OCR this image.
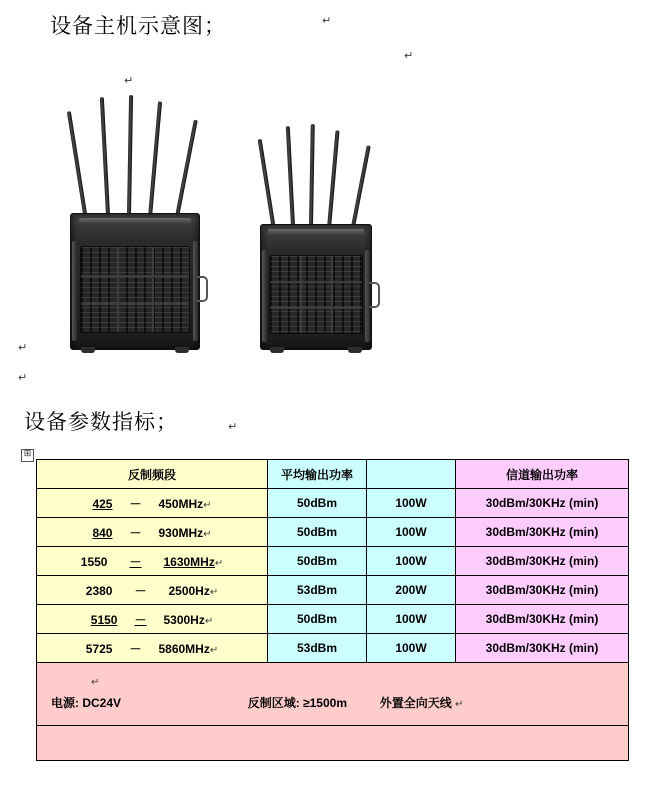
设备主机示意图；
设备参数指标；
↵
↵
↵
↵
↵
↵
⊞
反制频段	平均输出功率		信道输出功率
425 － 450MHz↵	50dBm	100W	30dBm/30KHz (min)
840 － 930MHz↵	50dBm	100W	30dBm/30KHz (min)
1550 － 1630MHz↵	50dBm	100W	30dBm/30KHz (min)
2380 － 2500Hz↵	53dBm	200W	30dBm/30KHz (min)
5150 － 5300Hz↵	50dBm	100W	30dBm/30KHz (min)
5725 － 5860MHz↵	53dBm	100W	30dBm/30KHz (min)

↵
电源: DC24V 反制区域: ≥1500m 外置全向天线 ↵			
